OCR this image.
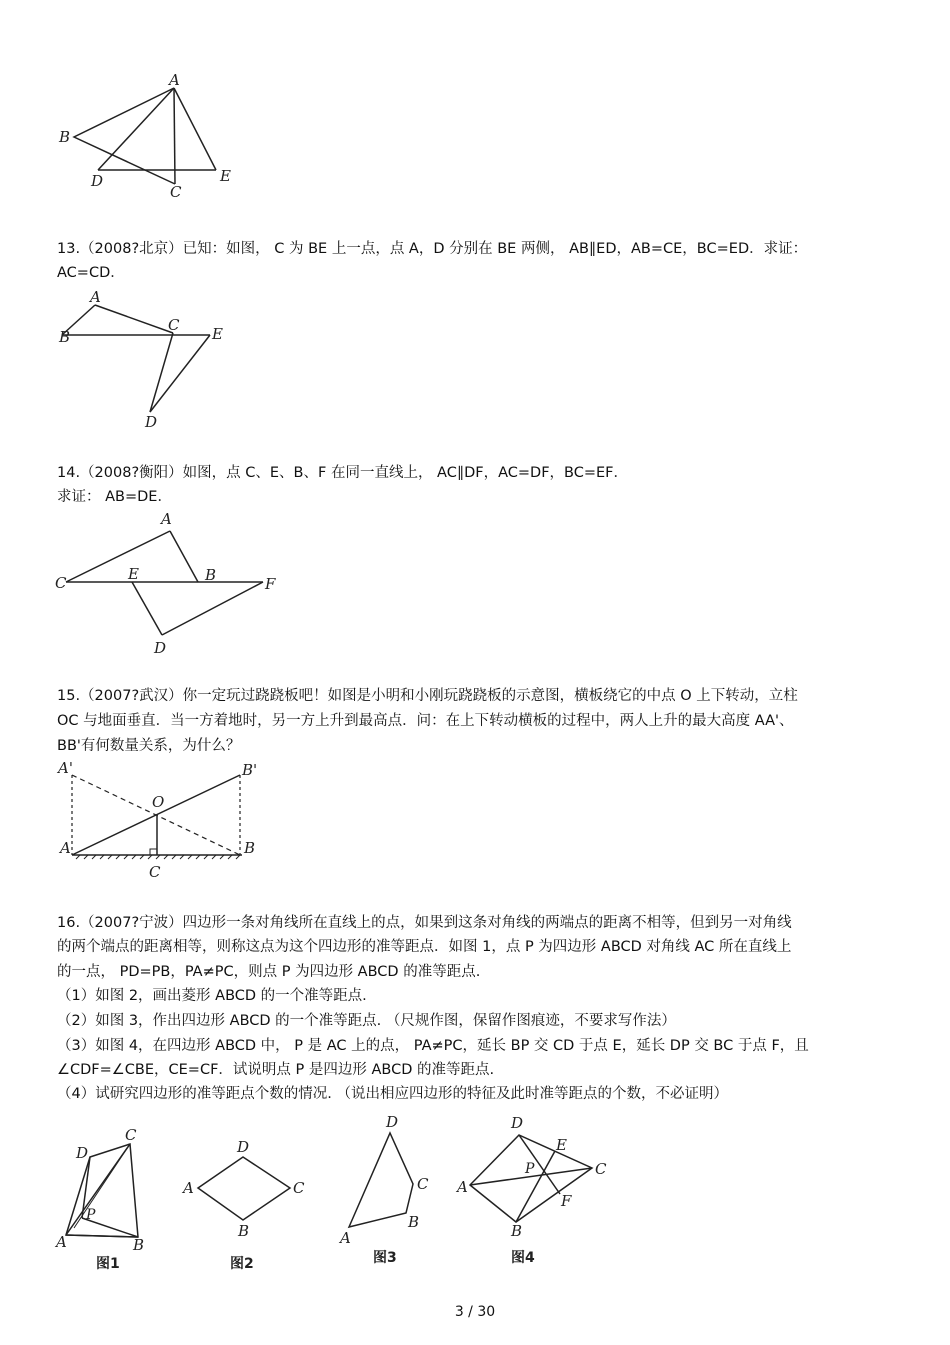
A
B
D
C
E
13.（2008?北京）已知：如图， C 为 BE 上一点，点 A，D 分别在 BE 两侧， AB∥ED，AB=CE，BC=ED．求证：
AC=CD．
A
B
C E
D
14.（2008?衡阳）如图，点 C、E、B、F 在同一直线上， AC∥DF，AC=DF，BC=EF．
求证： AB=DE．
A
C	E	B	F
D
15.（2007?武汉）你一定玩过跷跷板吧！如图是小明和小刚玩跷跷板的示意图，横板绕它的中点 O 上下转动，立柱
OC 与地面垂直．当一方着地时，另一方上升到最高点．问：在上下转动横板的过程中，两人上升的最大高度 AA'、
BB'有何数量关系，为什么？
A'	B'
O
A	B
C
16.（2007?宁波）四边形一条对角线所在直线上的点，如果到这条对角线的两端点的距离不相等，但到另一对角线
的两个端点的距离相等，则称这点为这个四边形的准等距点．如图 1，点 P 为四边形 ABCD 对角线 AC 所在直线上
的一点， PD=PB，PA≠PC，则点 P 为四边形 ABCD 的准等距点.
（1）如图 2，画出菱形 ABCD 的一个准等距点.
（2）如图 3，作出四边形 ABCD 的一个准等距点. （尺规作图，保留作图痕迹，不要求写作法）
（3）如图 4，在四边形 ABCD 中， P 是 AC 上的点， PA≠PC，延长 BP 交 CD 于点 E，延长 DP 交 BC 于点 F，且
∠CDF=∠CBE，CE=CF．试说明点 P 是四边形 ABCD 的准等距点.
（4）试研究四边形的准等距点个数的情况. （说出相应四边形的特征及此时准等距点的个数，不必证明）
D
C
P
A	B
图1
D
A	C
B
图2
D
C
B
A
图3
D
E
P	C
A
F
B
图4
3 / 30
